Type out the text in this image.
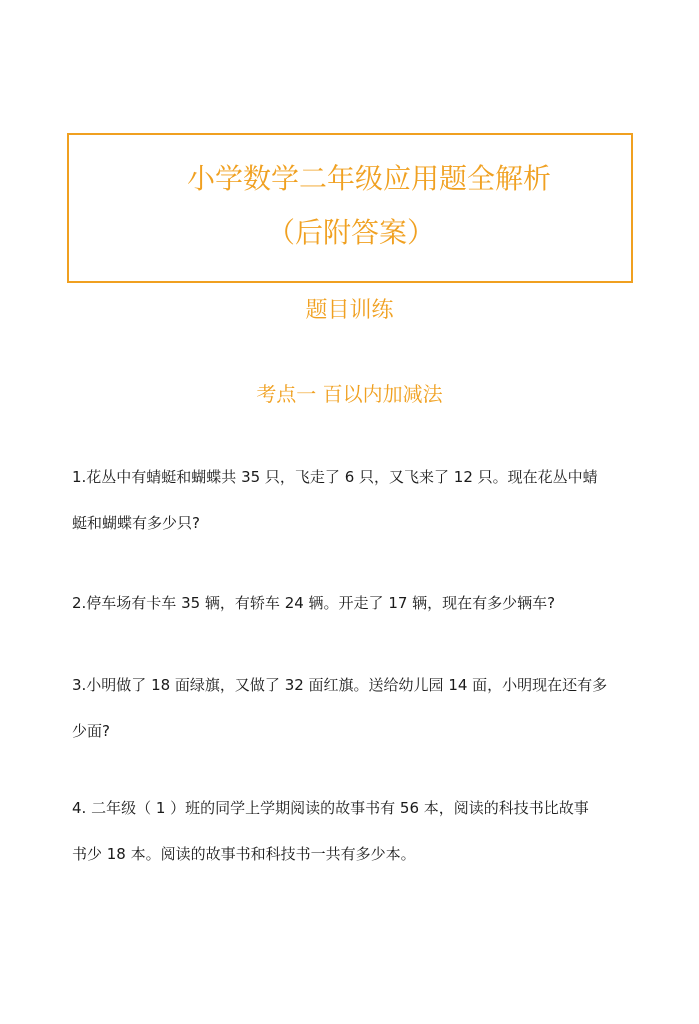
小学数学二年级应用题全解析
（后附答案）
题目训练
考点一 百以内加减法
1.花丛中有蜻蜓和蝴蝶共 35 只，飞走了 6 只，又飞来了 12 只。现在花丛中蜻
蜓和蝴蝶有多少只?
2.停车场有卡车 35 辆，有轿车 24 辆。开走了 17 辆，现在有多少辆车?
3.小明做了 18 面绿旗，又做了 32 面红旗。送给幼儿园 14 面，小明现在还有多
少面?
4. 二年级（ 1 ）班的同学上学期阅读的故事书有 56 本，阅读的科技书比故事
书少 18 本。阅读的故事书和科技书一共有多少本。
